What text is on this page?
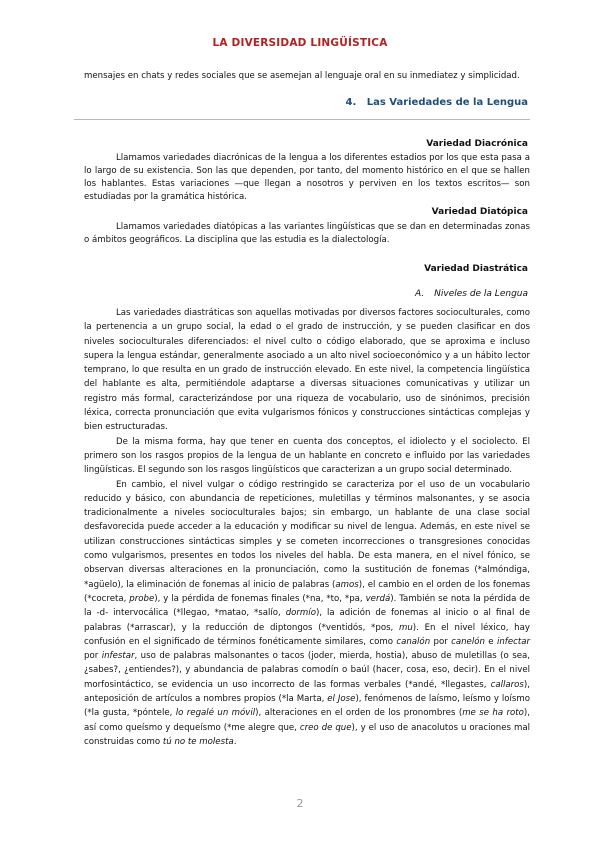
LA DIVERSIDAD LINGÜÍSTICA
mensajes en chats y redes sociales que se asemejan al lenguaje oral en su inmediatez y simplicidad.
4. Las Variedades de la Lengua
Variedad Diacrónica
Llamamos variedades diacrónicas de la lengua a los diferentes estadios por los que esta pasa a lo largo de su existencia. Son las que dependen, por tanto, del momento histórico en el que se hallen los hablantes. Estas variaciones —que llegan a nosotros y perviven en los textos escritos— son estudiadas por la gramática histórica.
Variedad Diatópica
Llamamos variedades diatópicas a las variantes lingüísticas que se dan en determinadas zonas o ámbitos geográficos. La disciplina que las estudia es la dialectología.
Variedad Diastrática
A. Niveles de la Lengua

Las variedades diastráticas son aquellas motivadas por diversos factores socioculturales, como la pertenencia a un grupo social, la edad o el grado de instrucción, y se pueden clasificar en dos niveles socioculturales diferenciados: el nivel culto o código elaborado, que se aproxima e incluso supera la lengua estándar, generalmente asociado a un alto nivel socioeconómico y a un hábito lector temprano, lo que resulta en un grado de instrucción elevado. En este nivel, la competencia lingüística del hablante es alta, permitiéndole adaptarse a diversas situaciones comunicativas y utilizar un registro más formal, caracterizándose por una riqueza de vocabulario, uso de sinónimos, precisión léxica, correcta pronunciación que evita vulgarismos fónicos y construcciones sintácticas complejas y bien estructuradas.

De la misma forma, hay que tener en cuenta dos conceptos, el idiolecto y el sociolecto. El primero son los rasgos propios de la lengua de un hablante en concreto e influido por las variedades lingüísticas. El segundo son los rasgos lingüísticos que caracterizan a un grupo social determinado.

En cambio, el nivel vulgar o código restringido se caracteriza por el uso de un vocabulario reducido y básico, con abundancia de repeticiones, muletillas y términos malsonantes, y se asocia tradicionalmente a niveles socioculturales bajos; sin embargo, un hablante de una clase social desfavorecida puede acceder a la educación y modificar su nivel de lengua. Además, en este nivel se utilizan construcciones sintácticas simples y se cometen incorrecciones o transgresiones conocidas como vulgarismos, presentes en todos los niveles del habla. De esta manera, en el nivel fónico, se observan diversas alteraciones en la pronunciación, como la sustitución de fonemas (*almóndiga, *agüelo), la eliminación de fonemas al inicio de palabras (amos), el cambio en el orden de los fonemas (*cocreta, probe), y la pérdida de fonemas finales (*na, *to, *pa, verdá). También se nota la pérdida de la -d- intervocálica (*llegao, *matao, *salío, dormío), la adición de fonemas al inicio o al final de palabras (*arrascar), y la reducción de diptongos (*ventidós, *pos, mu). En el nivel léxico, hay confusión en el significado de términos fonéticamente similares, como canalón por canelón e infectar por infestar, uso de palabras malsonantes o tacos (joder, mierda, hostia), abuso de muletillas (o sea, ¿sabes?, ¿entiendes?), y abundancia de palabras comodín o baúl (hacer, cosa, eso, decir). En el nivel morfosintáctico, se evidencia un uso incorrecto de las formas verbales (*andé, *llegastes, callaros), anteposición de artículos a nombres propios (*la Marta, el Jose), fenómenos de laísmo, leísmo y loísmo (*la gusta, *póntele, lo regalé un móvil), alteraciones en el orden de los pronombres (me se ha roto), así como queísmo y dequeísmo (*me alegre que, creo de que), y el uso de anacolutos u oraciones mal construidas como tú no te molesta.

2
